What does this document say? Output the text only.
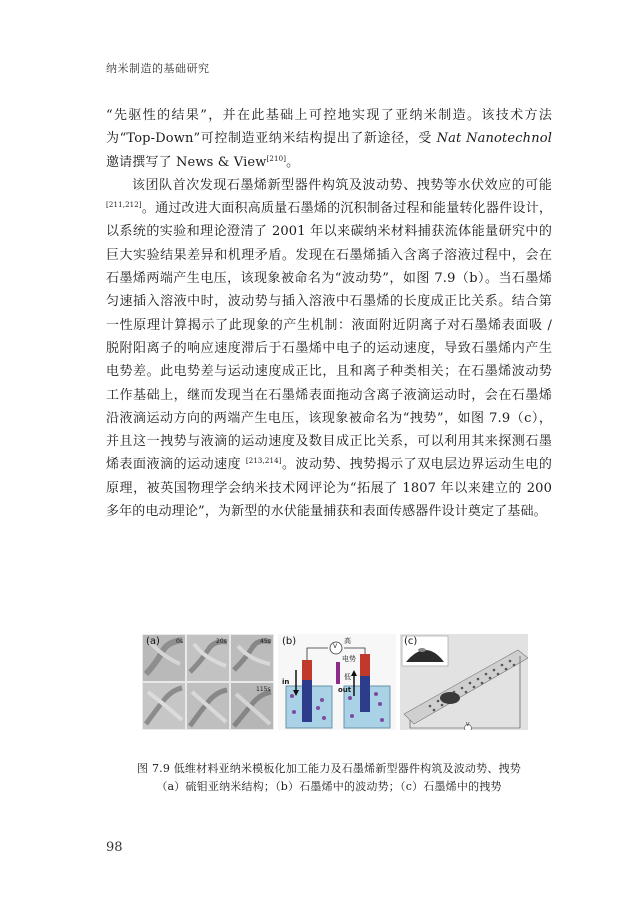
纳米制造的基础研究

“先驱性的结果”，并在此基础上可控地实现了亚纳米制造。该技术方法为“Top-Down”可控制造亚纳米结构提出了新途径，受 Nat Nanotechnol 邀请撰写了 News & View[210]。

该团队首次发现石墨烯新型器件构筑及波动势、拽势等水伏效应的可能 [211,212]。通过改进大面积高质量石墨烯的沉积制备过程和能量转化器件设计，以系统的实验和理论澄清了 2001 年以来碳纳米材料捕获流体能量研究中的巨大实验结果差异和机理矛盾。发现在石墨烯插入含离子溶液过程中，会在石墨烯两端产生电压，该现象被命名为“波动势”，如图 7.9（b）。当石墨烯匀速插入溶液中时，波动势与插入溶液中石墨烯的长度成正比关系。结合第一性原理计算揭示了此现象的产生机制：液面附近阴离子对石墨烯表面吸 / 脱附阳离子的响应速度滞后于石墨烯中电子的运动速度，导致石墨烯内产生电势差。此电势差与运动速度成正比，且和离子种类相关；在石墨烯波动势工作基础上，继而发现当在石墨烯表面拖动含离子液滴运动时，会在石墨烯沿液滴运动方向的两端产生电压，该现象被命名为“拽势”，如图 7.9（c），并且这一拽势与液滴的运动速度及数目成正比关系，可以利用其来探测石墨烯表面液滴的运动速度 [213,214]。波动势、拽势揭示了双电层边界运动生电的原理，被英国物理学会纳米技术网评论为“拓展了 1807 年以来建立的 200 多年的电动理论”，为新型的水伏能量捕获和表面传感器件设计奠定了基础。

(a)	0s	20s	45s
115s
(b)	V
高
电势
低
in
out
(c)
V
图 7.9 低维材料亚纳米模板化加工能力及石墨烯新型器件构筑及波动势、拽势
（a）硫钼亚纳米结构；（b）石墨烯中的波动势；（c）石墨烯中的拽势
98
